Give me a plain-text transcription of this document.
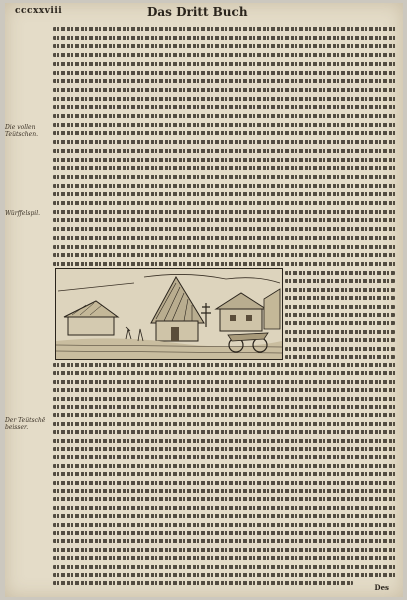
cccxxviii	Das Dritt Buch
Die vollen Teütschen.
Würffelspil.
Der Teütschē beisser.
Des
